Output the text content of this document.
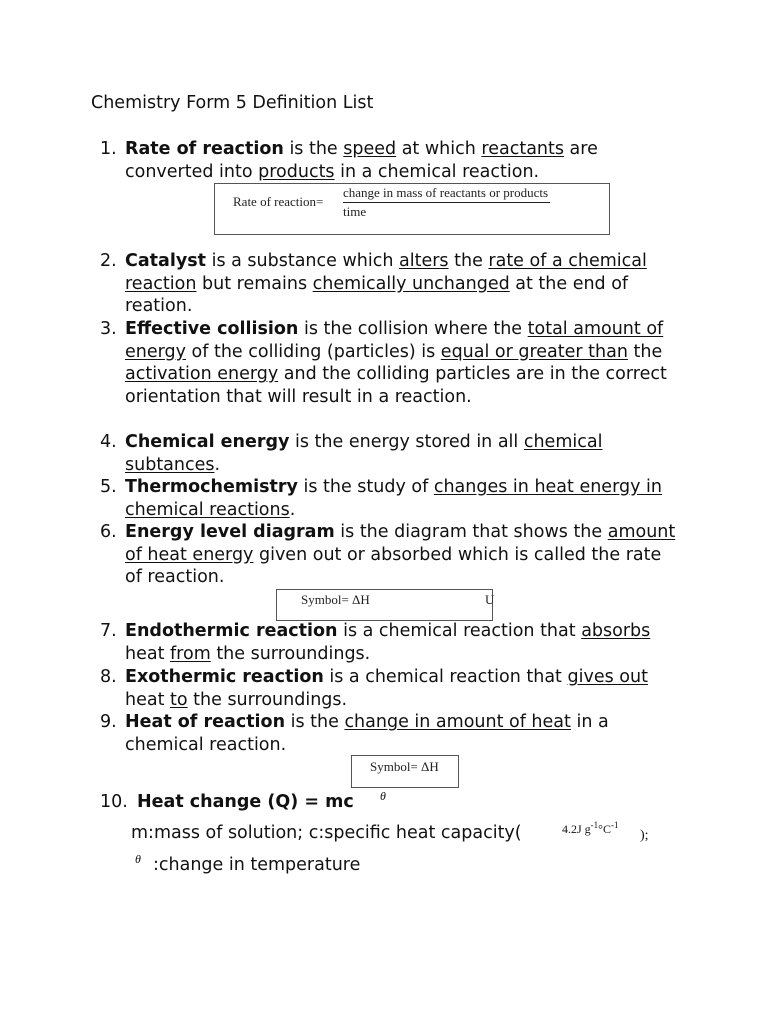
Chemistry Form 5 Definition List
1. Rate of reaction is the speed at which reactants are converted into products in a chemical reaction.
2. Catalyst is a substance which alters the rate of a chemical reaction but remains chemically unchanged at the end of reation.
3. Effective collision is the collision where the total amount of energy of the colliding (particles) is equal or greater than the activation energy and the colliding particles are in the correct orientation that will result in a reaction.
4. Chemical energy is the energy stored in all chemical subtances.
5. Thermochemistry is the study of changes in heat energy in chemical reactions.
6. Energy level diagram is the diagram that shows the amount of heat energy given out or absorbed which is called the rate of reaction.
7. Endothermic reaction is a chemical reaction that absorbs heat from the surroundings.
8. Exothermic reaction is a chemical reaction that gives out heat to the surroundings.
9. Heat of reaction is the change in amount of heat in a chemical reaction.
10. Heat change (Q) = mc
Rate of reaction=
change in mass of reactants or products
time
Symbol= ΔH	U
Symbol= ΔH
θ
m:mass of solution; c:specific heat capacity(	4.2J $g^{-1}^\circ C^{-1}$
);
θ :change in temperature
